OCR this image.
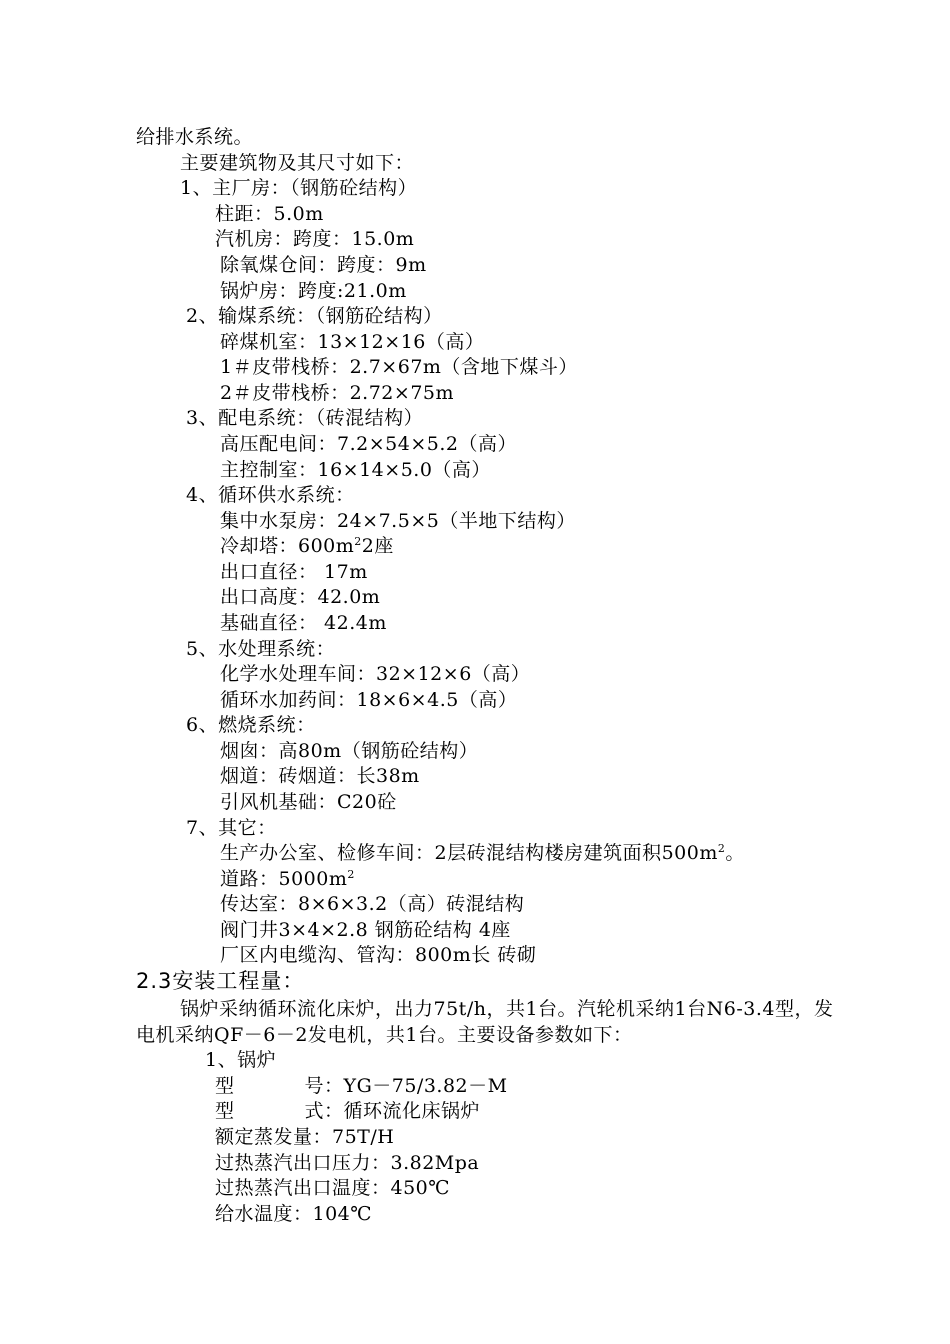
给排水系统。
主要建筑物及其尺寸如下：
1、主厂房：（钢筋砼结构）
柱距：5.0m
汽机房：跨度：15.0m
除氧煤仓间：跨度：9m
锅炉房：跨度:21.0m
2、输煤系统：（钢筋砼结构）
碎煤机室：13×12×16（高）
1＃皮带栈桥：2.7×67m（含地下煤斗）
2＃皮带栈桥：2.72×75m
3、配电系统：（砖混结构）
高压配电间：7.2×54×5.2（高）
主控制室：16×14×5.0（高）
4、循环供水系统：
集中水泵房：24×7.5×5（半地下结构）
冷却塔：$600m^22$座
出口直径： 17m
出口高度：42.0m
基础直径： 42.4m
5、水处理系统：
化学水处理车间：32×12×6（高）
循环水加药间：18×6×4.5（高）
6、燃烧系统：
烟囱：高80m（钢筋砼结构）
烟道：砖烟道：长38m
引风机基础：C20砼
7、其它：
生产办公室、检修车间：2层砖混结构楼房建筑面积$500m^2$。
道路：$5000m^2$
传达室：8×6×3.2（高）砖混结构
阀门井3×4×2.8 钢筋砼结构 4座
厂区内电缆沟、管沟：800m长 砖砌
2.3安装工程量：
锅炉采纳循环流化床炉，出力75t/h，共1台。汽轮机采纳1台N6-3.4型，发电机采纳QF－6－2发电机，共1台。主要设备参数如下：
1、锅炉
型	号：YG－75/3.82－M
型	式：循环流化床锅炉
额定蒸发量：75T/H
过热蒸汽出口压力：3.82Mpa
过热蒸汽出口温度：450℃
给水温度：104℃
